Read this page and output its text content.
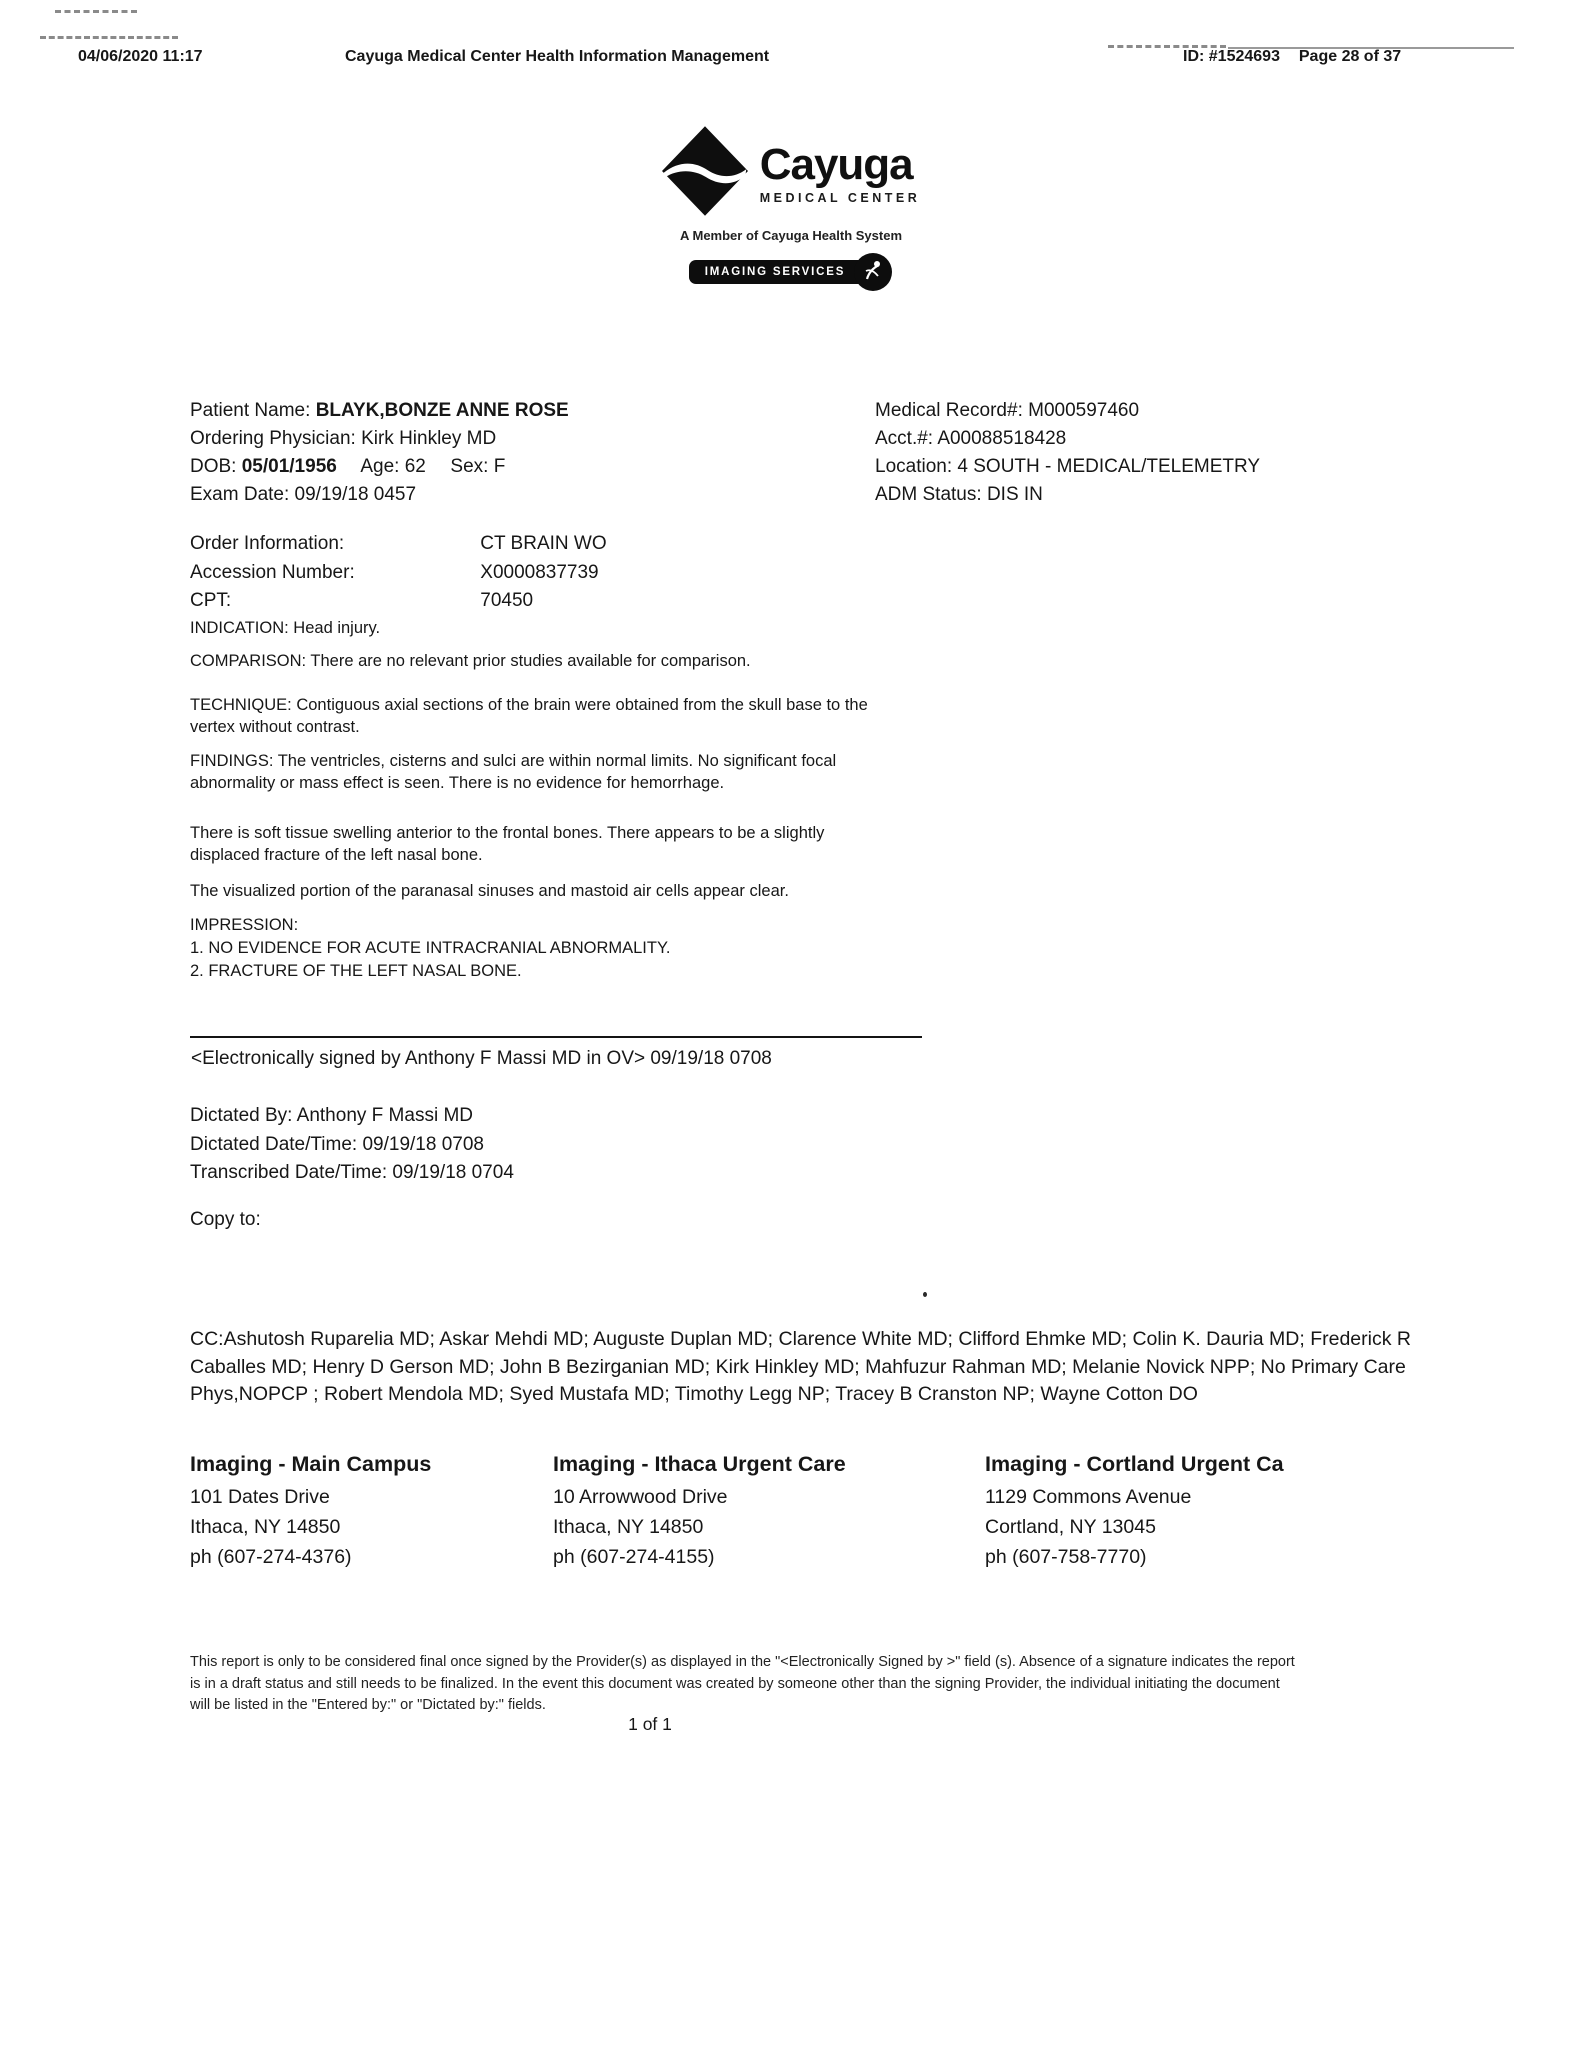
04/06/2020 11:17	Cayuga Medical Center Health Information Management	ID: #1524693 Page 28 of 37
Cayuga
MEDICAL CENTER
A Member of Cayuga Health System
IMAGING SERVICES
Patient Name: BLAYK,BONZE ANNE ROSE
Ordering Physician: Kirk Hinkley MD
DOB: 05/01/1956 Age: 62 Sex: F
Exam Date: 09/19/18 0457
Medical Record#: M000597460
Acct.#: A00088518428
Location: 4 SOUTH - MEDICAL/TELEMETRY
ADM Status: DIS IN
Order Information:	CT BRAIN WO
Accession Number:	X0000837739
CPT:	70450
INDICATION: Head injury.

COMPARISON: There are no relevant prior studies available for comparison.

TECHNIQUE: Contiguous axial sections of the brain were obtained from the skull base to the vertex without contrast.

FINDINGS: The ventricles, cisterns and sulci are within normal limits. No significant focal abnormality or mass effect is seen. There is no evidence for hemorrhage.

There is soft tissue swelling anterior to the frontal bones. There appears to be a slightly displaced fracture of the left nasal bone.

The visualized portion of the paranasal sinuses and mastoid air cells appear clear.

IMPRESSION:

1. NO EVIDENCE FOR ACUTE INTRACRANIAL ABNORMALITY.

2. FRACTURE OF THE LEFT NASAL BONE.

<Electronically signed by Anthony F Massi MD in OV> 09/19/18 0708

Dictated By: Anthony F Massi MD

Dictated Date/Time: 09/19/18 0708

Transcribed Date/Time: 09/19/18 0704

Copy to:

CC:Ashutosh Ruparelia MD; Askar Mehdi MD; Auguste Duplan MD; Clarence White MD; Clifford Ehmke MD; Colin K. Dauria MD; Frederick R Caballes MD; Henry D Gerson MD; John B Bezirganian MD; Kirk Hinkley MD; Mahfuzur Rahman MD; Melanie Novick NPP; No Primary Care Phys,NOPCP ; Robert Mendola MD; Syed Mustafa MD; Timothy Legg NP; Tracey B Cranston NP; Wayne Cotton DO

Imaging - Main Campus
101 Dates Drive
Ithaca, NY 14850
ph (607-274-4376)
Imaging - Ithaca Urgent Care
10 Arrowwood Drive
Ithaca, NY 14850
ph (607-274-4155)
Imaging - Cortland Urgent Ca
1129 Commons Avenue
Cortland, NY 13045
ph (607-758-7770)

This report is only to be considered final once signed by the Provider(s) as displayed in the "<Electronically Signed by >" field (s). Absence of a signature indicates the report is in a draft status and still needs to be finalized. In the event this document was created by someone other than the signing Provider, the individual initiating the document will be listed in the "Entered by:" or "Dictated by:" fields.

1 of 1
